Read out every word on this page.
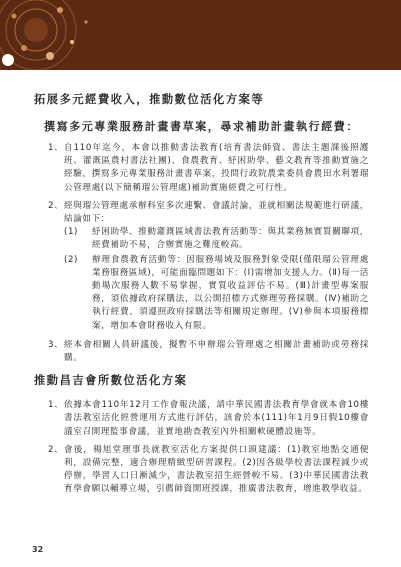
拓展多元經費收入，推動數位活化方案等
撰寫多元專業服務計畫書草案，尋求補助計畫執行經費：
1、 自110年迄今，本會以推動書法教育(培育書法師資、書法主題課後照護班、灌溉區農村書法社團)、食農教育、紓困助學、藝文教育等推動實施之經驗，撰寫多元專業服務計畫書草案，投問行政院農業委員會農田水利署瑠公管理處(以下簡稱瑠公管理處)補助實施經費之可行性。
2、 經與瑠公管理處承辦科室多次連繫、會議討論，並就相關法規範進行研議，結論如下：
(1)	紓困助學、推動灌溉區域書法教育活動等：與其業務無實質關聯項，經費補助不易，合辦實施之難度較高。
(2)	辦理食農教育活動等：因服務場域及服務對象受限(僅限瑠公管理處業務服務區域)，可能面臨問題如下：(Ⅰ)需增加支援人力。(Ⅱ)每一活動場次服務人數不易掌握，實質收益評估不易。(Ⅲ)計畫型專案服務，須依據政府採購法，以公開招標方式辦理勞務採購。(Ⅳ)補助之執行經費，須遵照政府採購法等相關規定辦理。(Ⅴ)參與本項服務標案，增加本會財務收入有限。
3、 經本會相關人員研議後，擬暫不申辦瑠公管理處之相關計畫補助或勞務採購。
推動昌吉會所數位活化方案
1、 依據本會110年12月工作會報決議，請中華民國書法教育學會就本會10樓書法教室活化經營運用方式進行評估，該會於本(111)年1月9日假10樓會議室召開理監事會議，並實地勘查教室內外相關軟硬體設施等。
2、 會後，楊旭堂理事長就教室活化方案提供口頭建議：(1)教室地點交通便利，設備完整，適合辦理精緻型研習課程。(2)因各級學校書法課程減少或停辦，學習人口日漸減少，書法教室招生經營較不易。(3)中華民國書法教育學會願以輔導立場，引薦師資開班授課，推廣書法教育，增進教學收益。
32
